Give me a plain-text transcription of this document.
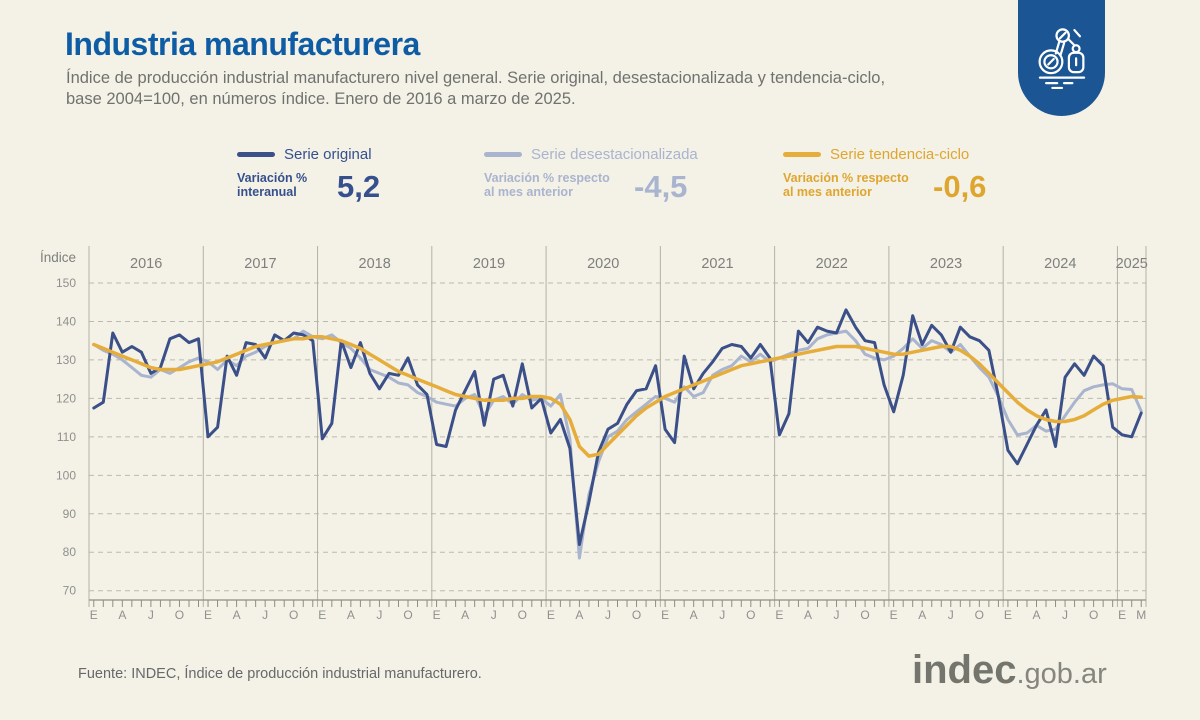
Industria manufacturera
Índice de producción industrial manufacturero nivel general. Serie original, desestacionalizada y tendencia-ciclo,
base 2004=100, en números índice. Enero de 2016 a marzo de 2025.
Serie original
Variación %
interanual	5,2
Serie desestacionalizada
Variación % respecto
al mes anterior	-4,5
Serie tendencia-ciclo
Variación % respecto
al mes anterior	-0,6
150
140
130
120
110
100
90
80
70
Índice	2016	2017	2018	2019	2020	2021	2022	2023	2024	2025
E A J O E A J O E A J O E A J O E A J O E A J O E A J O E A J O E A J O E M
Fuente: INDEC, Índice de producción industrial manufacturero.	indec .gob.ar
